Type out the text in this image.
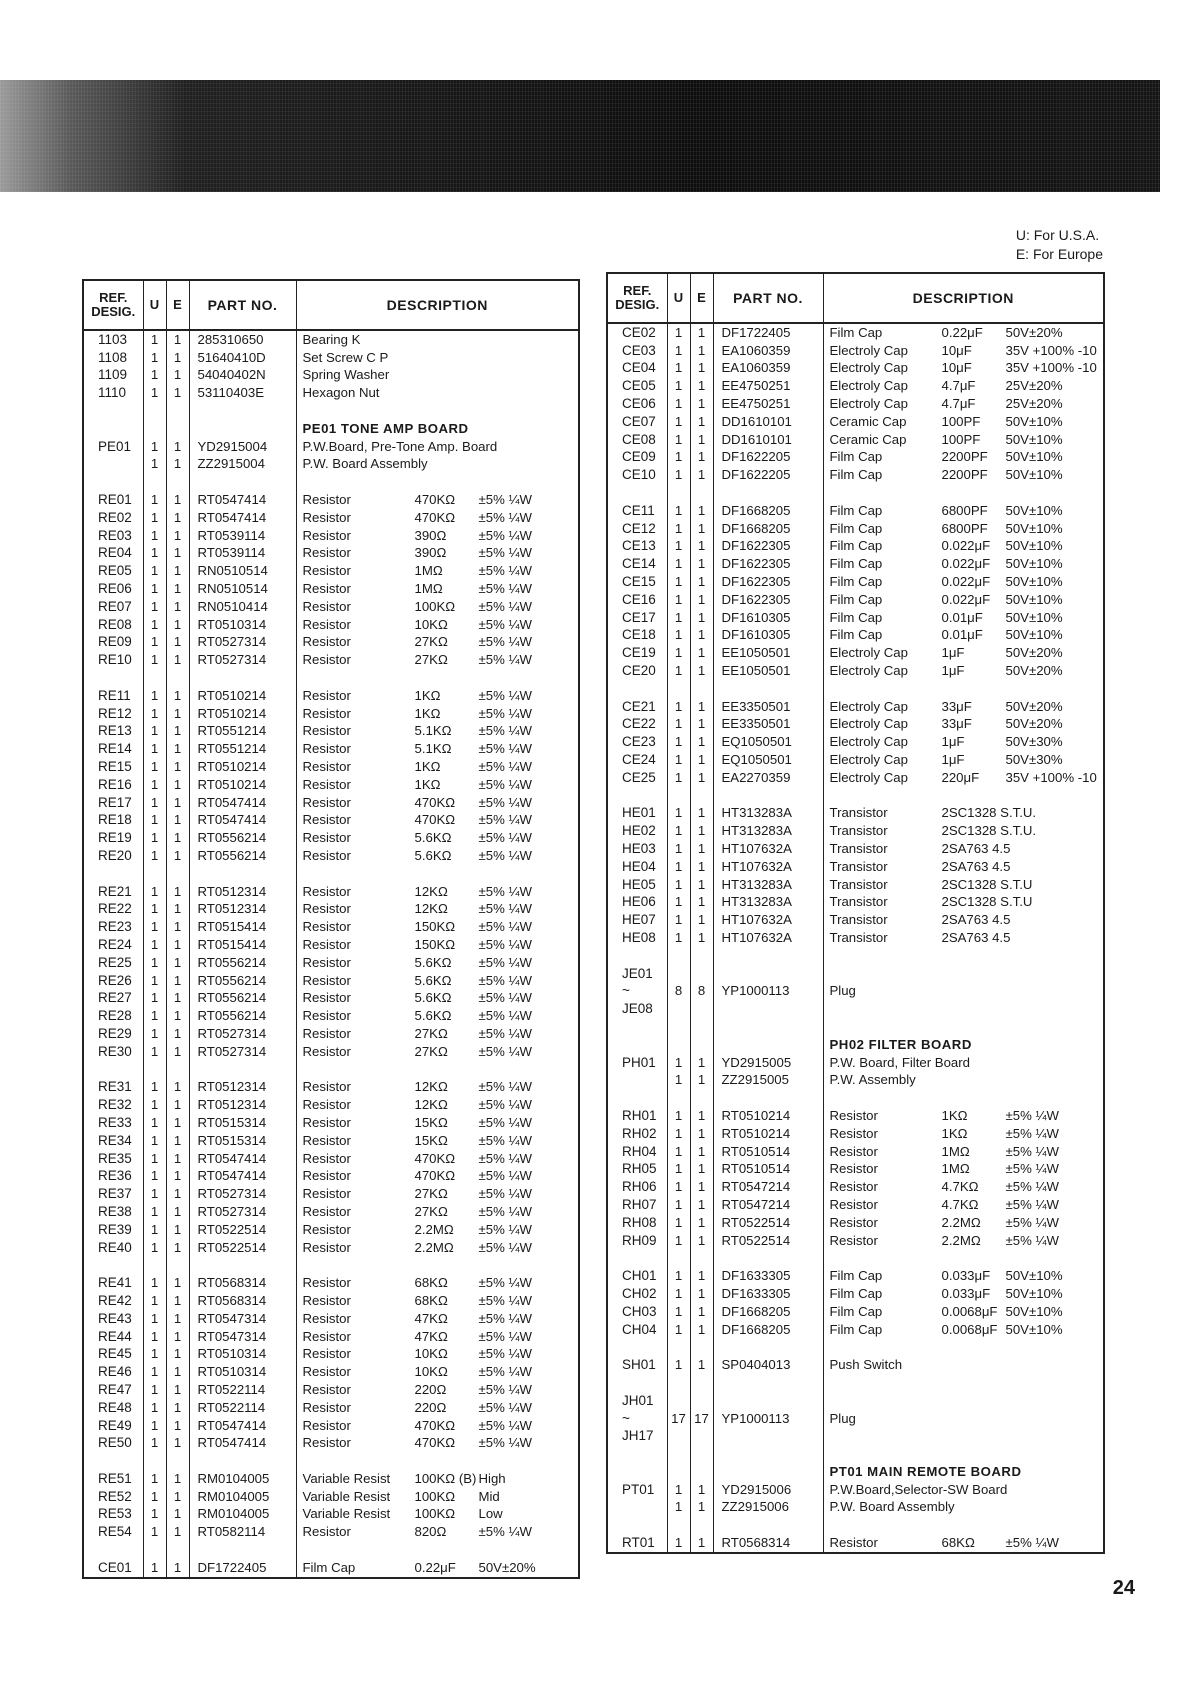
U: For U.S.A.
E: For Europe
REF. DESIG.	U	E	PART NO.	DESCRIPTION
1103	1	1	285310650	Bearing K
1108	1	1	51640410D	Set Screw C P
1109	1	1	54040402N	Spring Washer
1110	1	1	53110403E	Hexagon Nut

				PE01 TONE AMP BOARD
PE01	1	1	YD2915004	P.W.Board, Pre-Tone Amp. Board
	1	1	ZZ2915004	P.W. Board Assembly

RE01	1	1	RT0547414	Resistor 470KΩ ±5% ¼W
RE02	1	1	RT0547414	Resistor 470KΩ ±5% ¼W
RE03	1	1	RT0539114	Resistor 390Ω ±5% ¼W
RE04	1	1	RT0539114	Resistor 390Ω ±5% ¼W
RE05	1	1	RN0510514	Resistor 1MΩ ±5% ¼W
RE06	1	1	RN0510514	Resistor 1MΩ ±5% ¼W
RE07	1	1	RN0510414	Resistor 100KΩ ±5% ¼W
RE08	1	1	RT0510314	Resistor 10KΩ ±5% ¼W
RE09	1	1	RT0527314	Resistor 27KΩ ±5% ¼W
RE10	1	1	RT0527314	Resistor 27KΩ ±5% ¼W

RE11	1	1	RT0510214	Resistor 1KΩ ±5% ¼W
RE12	1	1	RT0510214	Resistor 1KΩ ±5% ¼W
RE13	1	1	RT0551214	Resistor 5.1KΩ ±5% ¼W
RE14	1	1	RT0551214	Resistor 5.1KΩ ±5% ¼W
RE15	1	1	RT0510214	Resistor 1KΩ ±5% ¼W
RE16	1	1	RT0510214	Resistor 1KΩ ±5% ¼W
RE17	1	1	RT0547414	Resistor 470KΩ ±5% ¼W
RE18	1	1	RT0547414	Resistor 470KΩ ±5% ¼W
RE19	1	1	RT0556214	Resistor 5.6KΩ ±5% ¼W
RE20	1	1	RT0556214	Resistor 5.6KΩ ±5% ¼W

RE21	1	1	RT0512314	Resistor 12KΩ ±5% ¼W
RE22	1	1	RT0512314	Resistor 12KΩ ±5% ¼W
RE23	1	1	RT0515414	Resistor 150KΩ ±5% ¼W
RE24	1	1	RT0515414	Resistor 150KΩ ±5% ¼W
RE25	1	1	RT0556214	Resistor 5.6KΩ ±5% ¼W
RE26	1	1	RT0556214	Resistor 5.6KΩ ±5% ¼W
RE27	1	1	RT0556214	Resistor 5.6KΩ ±5% ¼W
RE28	1	1	RT0556214	Resistor 5.6KΩ ±5% ¼W
RE29	1	1	RT0527314	Resistor 27KΩ ±5% ¼W
RE30	1	1	RT0527314	Resistor 27KΩ ±5% ¼W

RE31	1	1	RT0512314	Resistor 12KΩ ±5% ¼W
RE32	1	1	RT0512314	Resistor 12KΩ ±5% ¼W
RE33	1	1	RT0515314	Resistor 15KΩ ±5% ¼W
RE34	1	1	RT0515314	Resistor 15KΩ ±5% ¼W
RE35	1	1	RT0547414	Resistor 470KΩ ±5% ¼W
RE36	1	1	RT0547414	Resistor 470KΩ ±5% ¼W
RE37	1	1	RT0527314	Resistor 27KΩ ±5% ¼W
RE38	1	1	RT0527314	Resistor 27KΩ ±5% ¼W
RE39	1	1	RT0522514	Resistor 2.2MΩ ±5% ¼W
RE40	1	1	RT0522514	Resistor 2.2MΩ ±5% ¼W

RE41	1	1	RT0568314	Resistor 68KΩ ±5% ¼W
RE42	1	1	RT0568314	Resistor 68KΩ ±5% ¼W
RE43	1	1	RT0547314	Resistor 47KΩ ±5% ¼W
RE44	1	1	RT0547314	Resistor 47KΩ ±5% ¼W
RE45	1	1	RT0510314	Resistor 10KΩ ±5% ¼W
RE46	1	1	RT0510314	Resistor 10KΩ ±5% ¼W
RE47	1	1	RT0522114	Resistor 220Ω ±5% ¼W
RE48	1	1	RT0522114	Resistor 220Ω ±5% ¼W
RE49	1	1	RT0547414	Resistor 470KΩ ±5% ¼W
RE50	1	1	RT0547414	Resistor 470KΩ ±5% ¼W

RE51	1	1	RM0104005	Variable Resist 100KΩ (B) High
RE52	1	1	RM0104005	Variable Resist 100KΩ Mid
RE53	1	1	RM0104005	Variable Resist 100KΩ Low
RE54	1	1	RT0582114	Resistor 820Ω ±5% ¼W

CE01	1	1	DF1722405	Film Cap 0.22μF 50V±20%
REF. DESIG.	U	E	PART NO.	DESCRIPTION
CE02	1	1	DF1722405	Film Cap 0.22μF 50V±20%
CE03	1	1	EA1060359	Electroly Cap 10μF 35V +100% -10
CE04	1	1	EA1060359	Electroly Cap 10μF 35V +100% -10
CE05	1	1	EE4750251	Electroly Cap 4.7μF 25V±20%
CE06	1	1	EE4750251	Electroly Cap 4.7μF 25V±20%
CE07	1	1	DD1610101	Ceramic Cap 100PF 50V±10%
CE08	1	1	DD1610101	Ceramic Cap 100PF 50V±10%
CE09	1	1	DF1622205	Film Cap 2200PF 50V±10%
CE10	1	1	DF1622205	Film Cap 2200PF 50V±10%

CE11	1	1	DF1668205	Film Cap 6800PF 50V±10%
CE12	1	1	DF1668205	Film Cap 6800PF 50V±10%
CE13	1	1	DF1622305	Film Cap 0.022μF 50V±10%
CE14	1	1	DF1622305	Film Cap 0.022μF 50V±10%
CE15	1	1	DF1622305	Film Cap 0.022μF 50V±10%
CE16	1	1	DF1622305	Film Cap 0.022μF 50V±10%
CE17	1	1	DF1610305	Film Cap 0.01μF 50V±10%
CE18	1	1	DF1610305	Film Cap 0.01μF 50V±10%
CE19	1	1	EE1050501	Electroly Cap 1μF 50V±20%
CE20	1	1	EE1050501	Electroly Cap 1μF 50V±20%

CE21	1	1	EE3350501	Electroly Cap 33μF 50V±20%
CE22	1	1	EE3350501	Electroly Cap 33μF 50V±20%
CE23	1	1	EQ1050501	Electroly Cap 1μF 50V±30%
CE24	1	1	EQ1050501	Electroly Cap 1μF 50V±30%
CE25	1	1	EA2270359	Electroly Cap 220μF 35V +100% -10

HE01	1	1	HT313283A	Transistor 2SC1328 S.T.U.
HE02	1	1	HT313283A	Transistor 2SC1328 S.T.U.
HE03	1	1	HT107632A	Transistor 2SA763 4.5
HE04	1	1	HT107632A	Transistor 2SA763 4.5
HE05	1	1	HT313283A	Transistor 2SC1328 S.T.U
HE06	1	1	HT313283A	Transistor 2SC1328 S.T.U
HE07	1	1	HT107632A	Transistor 2SA763 4.5
HE08	1	1	HT107632A	Transistor 2SA763 4.5

JE01				
~	8	8	YP1000113	Plug
JE08				

				PH02 FILTER BOARD
PH01	1	1	YD2915005	P.W. Board, Filter Board
	1	1	ZZ2915005	P.W. Assembly

RH01	1	1	RT0510214	Resistor 1KΩ ±5% ¼W
RH02	1	1	RT0510214	Resistor 1KΩ ±5% ¼W
RH04	1	1	RT0510514	Resistor 1MΩ ±5% ¼W
RH05	1	1	RT0510514	Resistor 1MΩ ±5% ¼W
RH06	1	1	RT0547214	Resistor 4.7KΩ ±5% ¼W
RH07	1	1	RT0547214	Resistor 4.7KΩ ±5% ¼W
RH08	1	1	RT0522514	Resistor 2.2MΩ ±5% ¼W
RH09	1	1	RT0522514	Resistor 2.2MΩ ±5% ¼W

CH01	1	1	DF1633305	Film Cap 0.033μF 50V±10%
CH02	1	1	DF1633305	Film Cap 0.033μF 50V±10%
CH03	1	1	DF1668205	Film Cap 0.0068μF 50V±10%
CH04	1	1	DF1668205	Film Cap 0.0068μF 50V±10%

SH01	1	1	SP0404013	Push Switch

JH01				
~	17	17	YP1000113	Plug
JH17				

				PT01 MAIN REMOTE BOARD
PT01	1	1	YD2915006	P.W.Board,Selector-SW Board
	1	1	ZZ2915006	P.W. Board Assembly

RT01	1	1	RT0568314	Resistor 68KΩ ±5% ¼W
24
